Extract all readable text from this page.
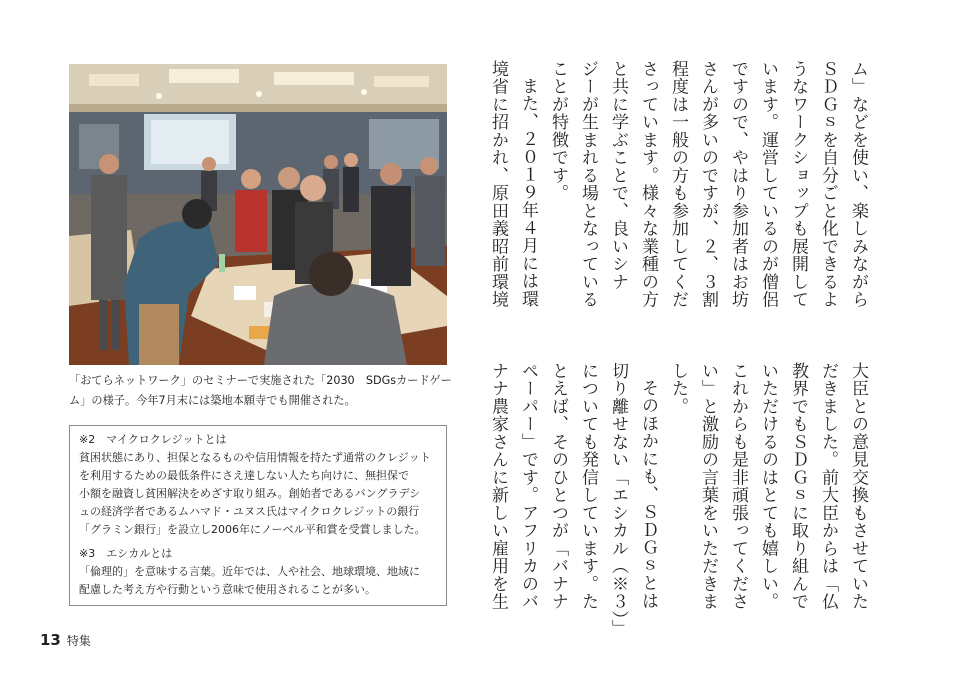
「おてらネットワーク」のセミナーで実施された「2030　SDGsカードゲー
ム」の様子。今年7月末には築地本願寺でも開催された。
※2　マイクロクレジットとは
貧困状態にあり、担保となるものや信用情報を持たず通常のクレジット
を利用するための最低条件にさえ達しない人たち向けに、無担保で
小額を融資し貧困解決をめざす取り組み。創始者であるバングラデシ
ュの経済学者であるムハマド・ユヌス氏はマイクロクレジットの銀行
「グラミン銀行」を設立し2006年にノーベル平和賞を受賞しました。
※3　エシカルとは
「倫理的」を意味する言葉。近年では、人や社会、地球環境、地域に
配慮した考え方や行動という意味で使用されることが多い。
ム」などを使い、楽しみながら
ＳＤＧｓを自分ごと化できるよ
うなワークショップも展開して
います。運営しているのが僧侶
ですので、やはり参加者はお坊
さんが多いのですが、２、３割
程度は一般の方も参加してくだ
さっています。様々な業種の方
と共に学ぶことで、良いシナ
ジーが生まれる場となっている
ことが特徴です。
また、２０１９年４月には環
境省に招かれ、原田義昭前環境
大臣との意見交換もさせていた
だきました。前大臣からは「仏
教界でもＳＤＧｓに取り組んで
いただけるのはとても嬉しい。
これからも是非頑張ってくださ
い」と激励の言葉をいただきま
した。
そのほかにも、ＳＤＧｓとは
切り離せない「エシカル（※３）」
についても発信しています。た
とえば、そのひとつが「バナナ
ペーパー」です。アフリカのバ
ナナ農家さんに新しい雇用を生
13 特集
